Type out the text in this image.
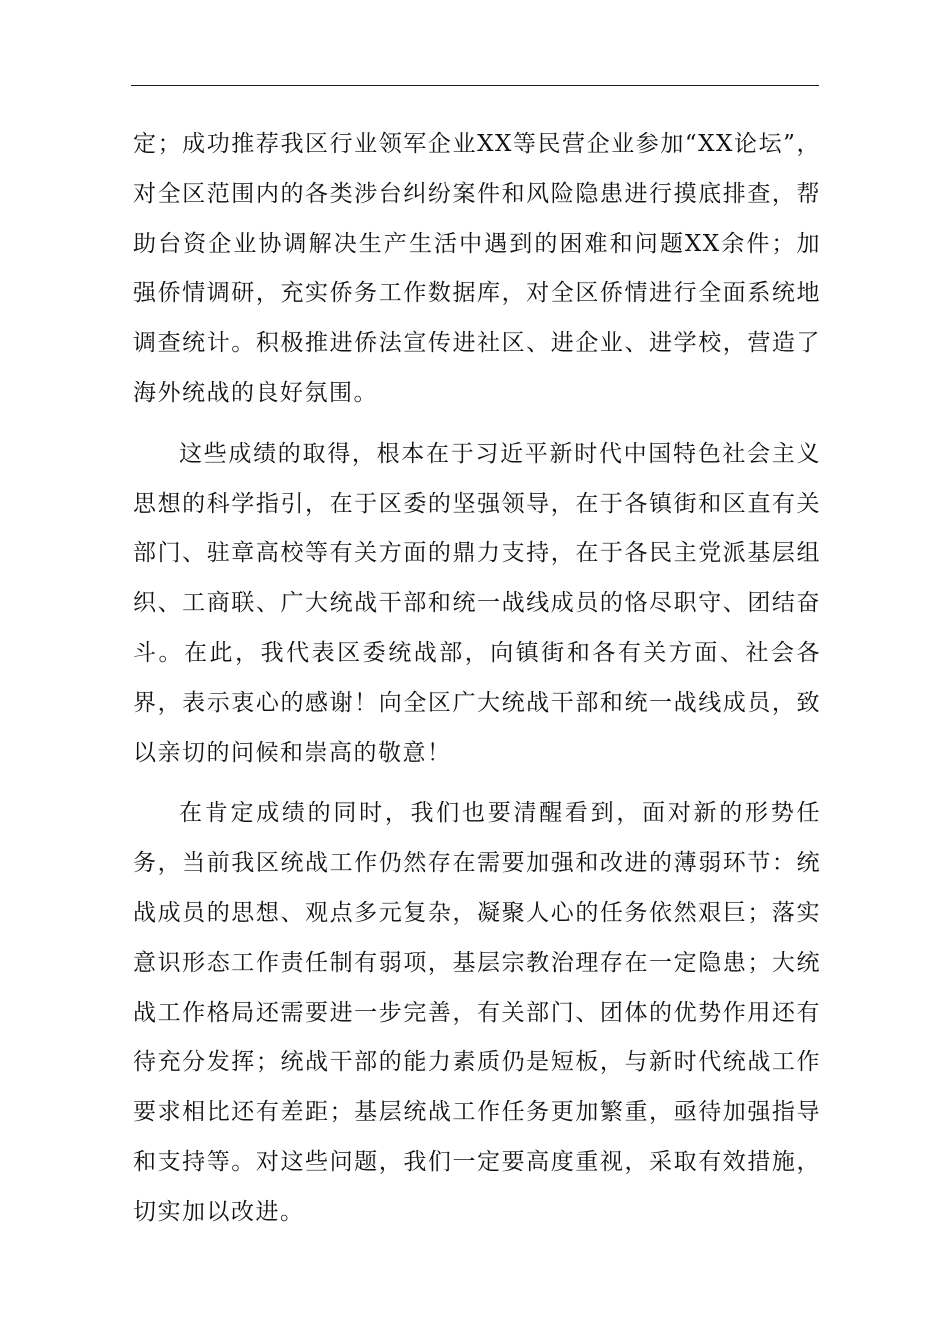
定；成功推荐我区行业领军企业XX等民营企业参加“XX论坛”，对全区范围内的各类涉台纠纷案件和风险隐患进行摸底排查，帮助台资企业协调解决生产生活中遇到的困难和问题XX余件；加强侨情调研，充实侨务工作数据库，对全区侨情进行全面系统地调查统计。积极推进侨法宣传进社区、进企业、进学校，营造了海外统战的良好氛围。

这些成绩的取得，根本在于习近平新时代中国特色社会主义思想的科学指引，在于区委的坚强领导，在于各镇街和区直有关部门、驻章高校等有关方面的鼎力支持，在于各民主党派基层组织、工商联、广大统战干部和统一战线成员的恪尽职守、团结奋斗。在此，我代表区委统战部，向镇街和各有关方面、社会各界，表示衷心的感谢！向全区广大统战干部和统一战线成员，致以亲切的问候和崇高的敬意！

在肯定成绩的同时，我们也要清醒看到，面对新的形势任务，当前我区统战工作仍然存在需要加强和改进的薄弱环节：统战成员的思想、观点多元复杂，凝聚人心的任务依然艰巨；落实意识形态工作责任制有弱项，基层宗教治理存在一定隐患；大统战工作格局还需要进一步完善，有关部门、团体的优势作用还有待充分发挥；统战干部的能力素质仍是短板，与新时代统战工作要求相比还有差距；基层统战工作任务更加繁重，亟待加强指导和支持等。对这些问题，我们一定要高度重视，采取有效措施，切实加以改进。
